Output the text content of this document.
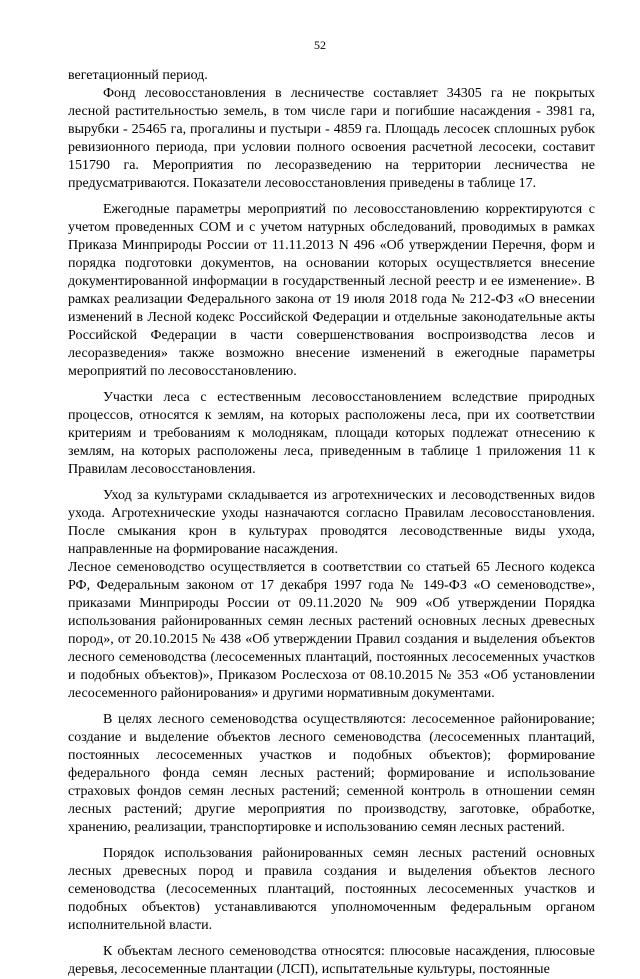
52

вегетационный период.

Фонд лесовосстановления в лесничестве составляет 34305 га не покрытых лесной растительностью земель, в том числе гари и погибшие насаждения - 3981 га, вырубки - 25465 га, прогалины и пустыри - 4859 га. Площадь лесосек сплошных рубок ревизионного периода, при условии полного освоения расчетной лесосеки, составит 151790 га. Мероприятия по лесоразведению на территории лесничества не предусматриваются. Показатели лесовосстановления приведены в таблице 17.

Ежегодные параметры мероприятий по лесовосстановлению корректируются с учетом проведенных СОМ и с учетом натурных обследований, проводимых в рамках Приказа Минприроды России от 11.11.2013 N 496 «Об утверждении Перечня, форм и порядка подготовки документов, на основании которых осуществляется внесение документированной информации в государственный лесной реестр и ее изменение». В рамках реализации Федерального закона от 19 июля 2018 года № 212-ФЗ «О внесении изменений в Лесной кодекс Российской Федерации и отдельные законодательные акты Российской Федерации в части совершенствования воспроизводства лесов и лесоразведения» также возможно внесение изменений в ежегодные параметры мероприятий по лесовосстановлению.

Участки леса с естественным лесовосстановлением вследствие природных процессов, относятся к землям, на которых расположены леса, при их соответствии критериям и требованиям к молоднякам, площади которых подлежат отнесению к землям, на которых расположены леса, приведенным в таблице 1 приложения 11 к Правилам лесовосстановления.

Уход за культурами складывается из агротехнических и лесоводственных видов ухода. Агротехнические уходы назначаются согласно Правилам лесовосстановления. После смыкания крон в культурах проводятся лесоводственные виды ухода, направленные на формирование насаждения.

Лесное семеноводство осуществляется в соответствии со статьей 65 Лесного кодекса РФ, Федеральным законом от 17 декабря 1997 года № 149-ФЗ «О семеноводстве», приказами Минприроды России от 09.11.2020 № 909 «Об утверждении Порядка использования районированных семян лесных растений основных лесных древесных пород», от 20.10.2015 № 438 «Об утверждении Правил создания и выделения объектов лесного семеноводства (лесосеменных плантаций, постоянных лесосеменных участков и подобных объектов)», Приказом Рослесхоза от 08.10.2015 № 353 «Об установлении лесосеменного районирования» и другими нормативным документами.

В целях лесного семеноводства осуществляются: лесосеменное районирование; создание и выделение объектов лесного семеноводства (лесосеменных плантаций, постоянных лесосеменных участков и подобных объектов); формирование федерального фонда семян лесных растений; формирование и использование страховых фондов семян лесных растений; семенной контроль в отношении семян лесных растений; другие мероприятия по производству, заготовке, обработке, хранению, реализации, транспортировке и использованию семян лесных растений.

Порядок использования районированных семян лесных растений основных лесных древесных пород и правила создания и выделения объектов лесного семеноводства (лесосеменных плантаций, постоянных лесосеменных участков и подобных объектов) устанавливаются уполномоченным федеральным органом исполнительной власти.

К объектам лесного семеноводства относятся: плюсовые насаждения, плюсовые деревья, лесосеменные плантации (ЛСП), испытательные культуры, постоянные
